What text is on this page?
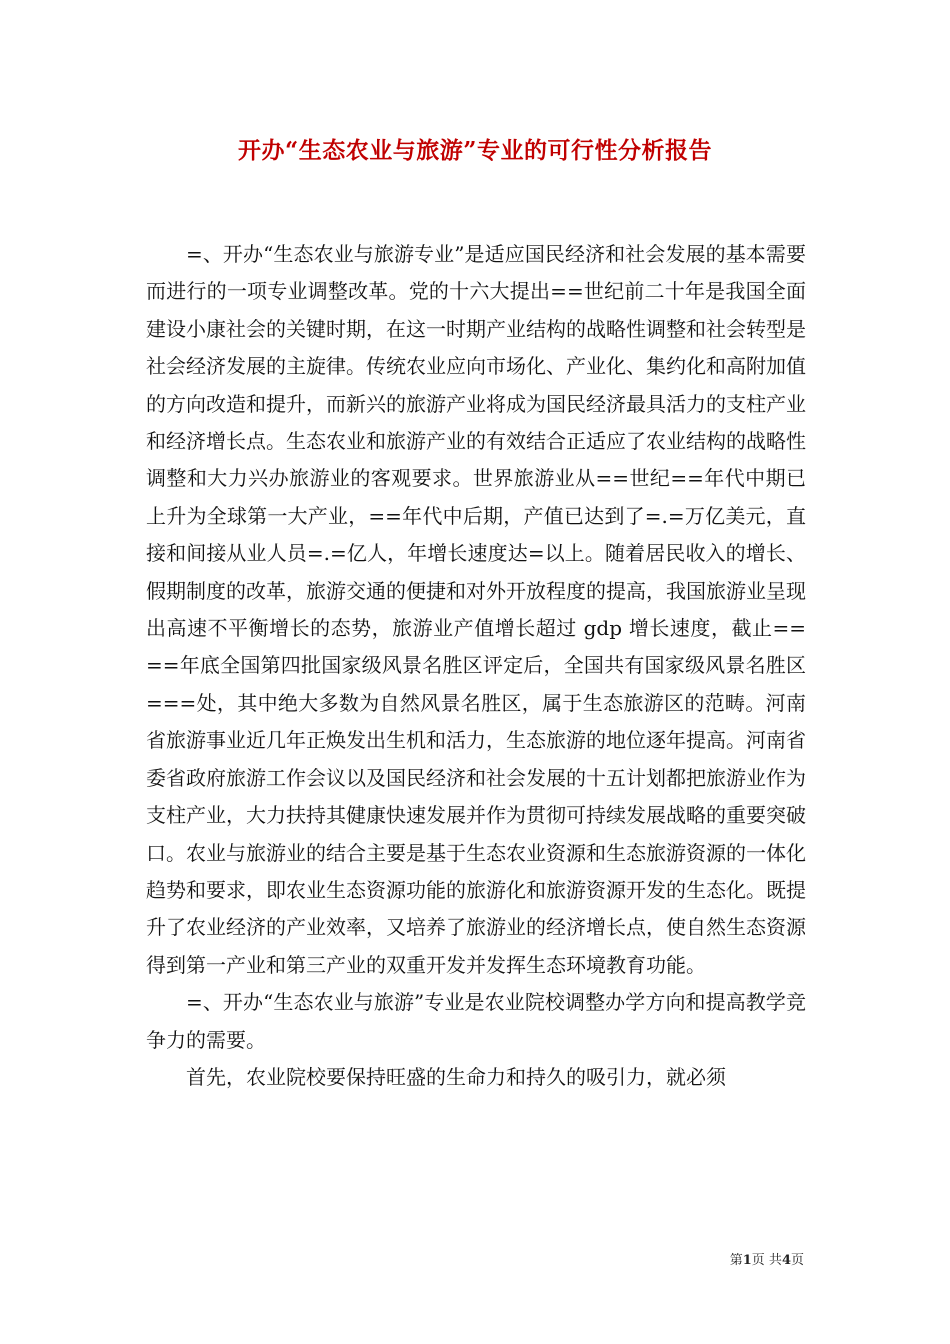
开办“生态农业与旅游”专业的可行性分析报告

=、开办“生态农业与旅游专业”是适应国民经济和社会发展的基本需要而进行的一项专业调整改革。党的十六大提出==世纪前二十年是我国全面建设小康社会的关键时期，在这一时期产业结构的战略性调整和社会转型是社会经济发展的主旋律。传统农业应向市场化、产业化、集约化和高附加值的方向改造和提升，而新兴的旅游产业将成为国民经济最具活力的支柱产业和经济增长点。生态农业和旅游产业的有效结合正适应了农业结构的战略性调整和大力兴办旅游业的客观要求。世界旅游业从==世纪==年代中期已上升为全球第一大产业，==年代中后期，产值已达到了=.=万亿美元，直接和间接从业人员=.=亿人，年增长速度达=以上。随着居民收入的增长、假期制度的改革，旅游交通的便捷和对外开放程度的提高，我国旅游业呈现出高速不平衡增长的态势，旅游业产值增长超过 gdp 增长速度，截止====年底全国第四批国家级风景名胜区评定后，全国共有国家级风景名胜区===处，其中绝大多数为自然风景名胜区，属于生态旅游区的范畴。河南省旅游事业近几年正焕发出生机和活力，生态旅游的地位逐年提高。河南省委省政府旅游工作会议以及国民经济和社会发展的十五计划都把旅游业作为支柱产业，大力扶持其健康快速发展并作为贯彻可持续发展战略的重要突破口。农业与旅游业的结合主要是基于生态农业资源和生态旅游资源的一体化趋势和要求，即农业生态资源功能的旅游化和旅游资源开发的生态化。既提升了农业经济的产业效率，又培养了旅游业的经济增长点，使自然生态资源得到第一产业和第三产业的双重开发并发挥生态环境教育功能。

=、开办“生态农业与旅游”专业是农业院校调整办学方向和提高教学竞争力的需要。

首先，农业院校要保持旺盛的生命力和持久的吸引力，就必须

第1页 共4页
